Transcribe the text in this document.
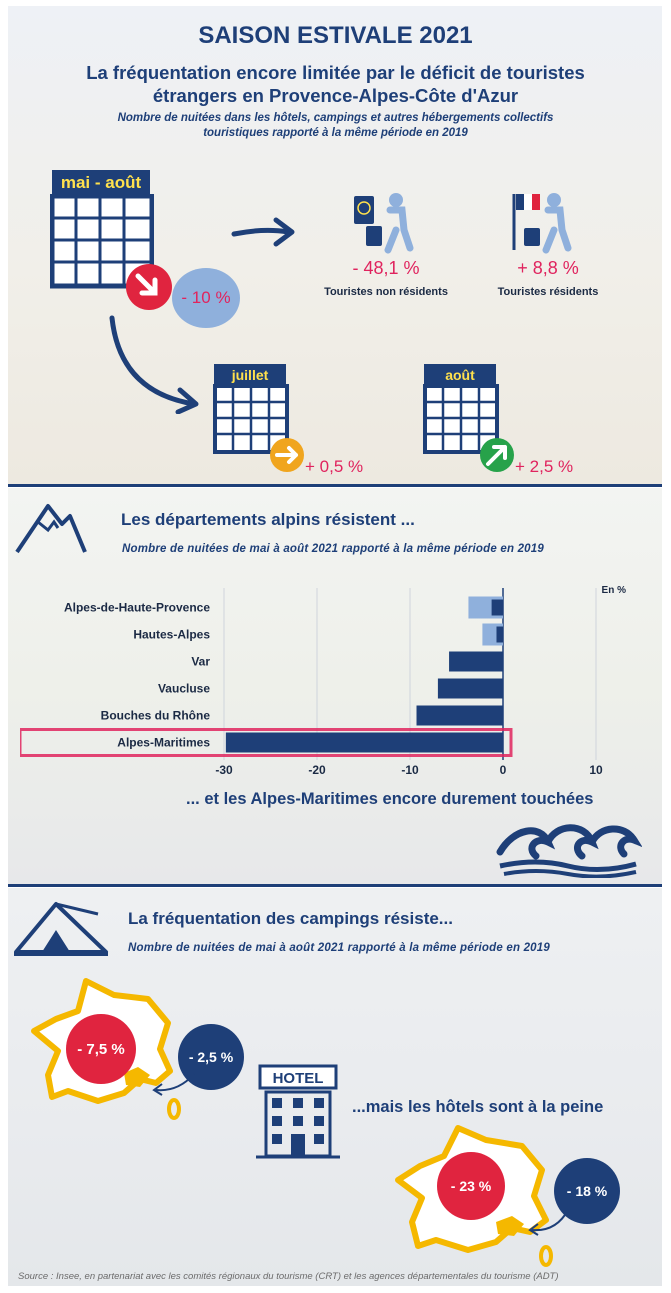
SAISON ESTIVALE 2021
La fréquentation encore limitée par le déficit de touristes
étrangers en Provence-Alpes-Côte d'Azur
Nombre de nuitées dans les hôtels, campings et autres hébergements collectifs
touristiques rapporté à la même période en 2019
mai - août
- 10 %
- 48,1 %
Touristes non résidents
+ 8,8 %
Touristes résidents
juillet
+ 0,5 %
août
+ 2,5 %
Les départements alpins résistent ...
Nombre de nuitées de mai à août 2021 rapporté à la même période en 2019
En %
-30	-20	-10	0	10
Alpes-de-Haute-Provence
Hautes-Alpes
Var
Vaucluse
Bouches du Rhône
Alpes-Maritimes
... et les Alpes-Maritimes encore durement touchées
La fréquentation des campings résiste...
Nombre de nuitées de mai à août 2021 rapporté à la même période en 2019
- 7,5 %	- 2,5 %
HOTEL
...mais les hôtels sont à la peine
- 23 %	- 18 %
Source : Insee, en partenariat avec les comités régionaux du tourisme (CRT) et les agences départementales du tourisme (ADT)
